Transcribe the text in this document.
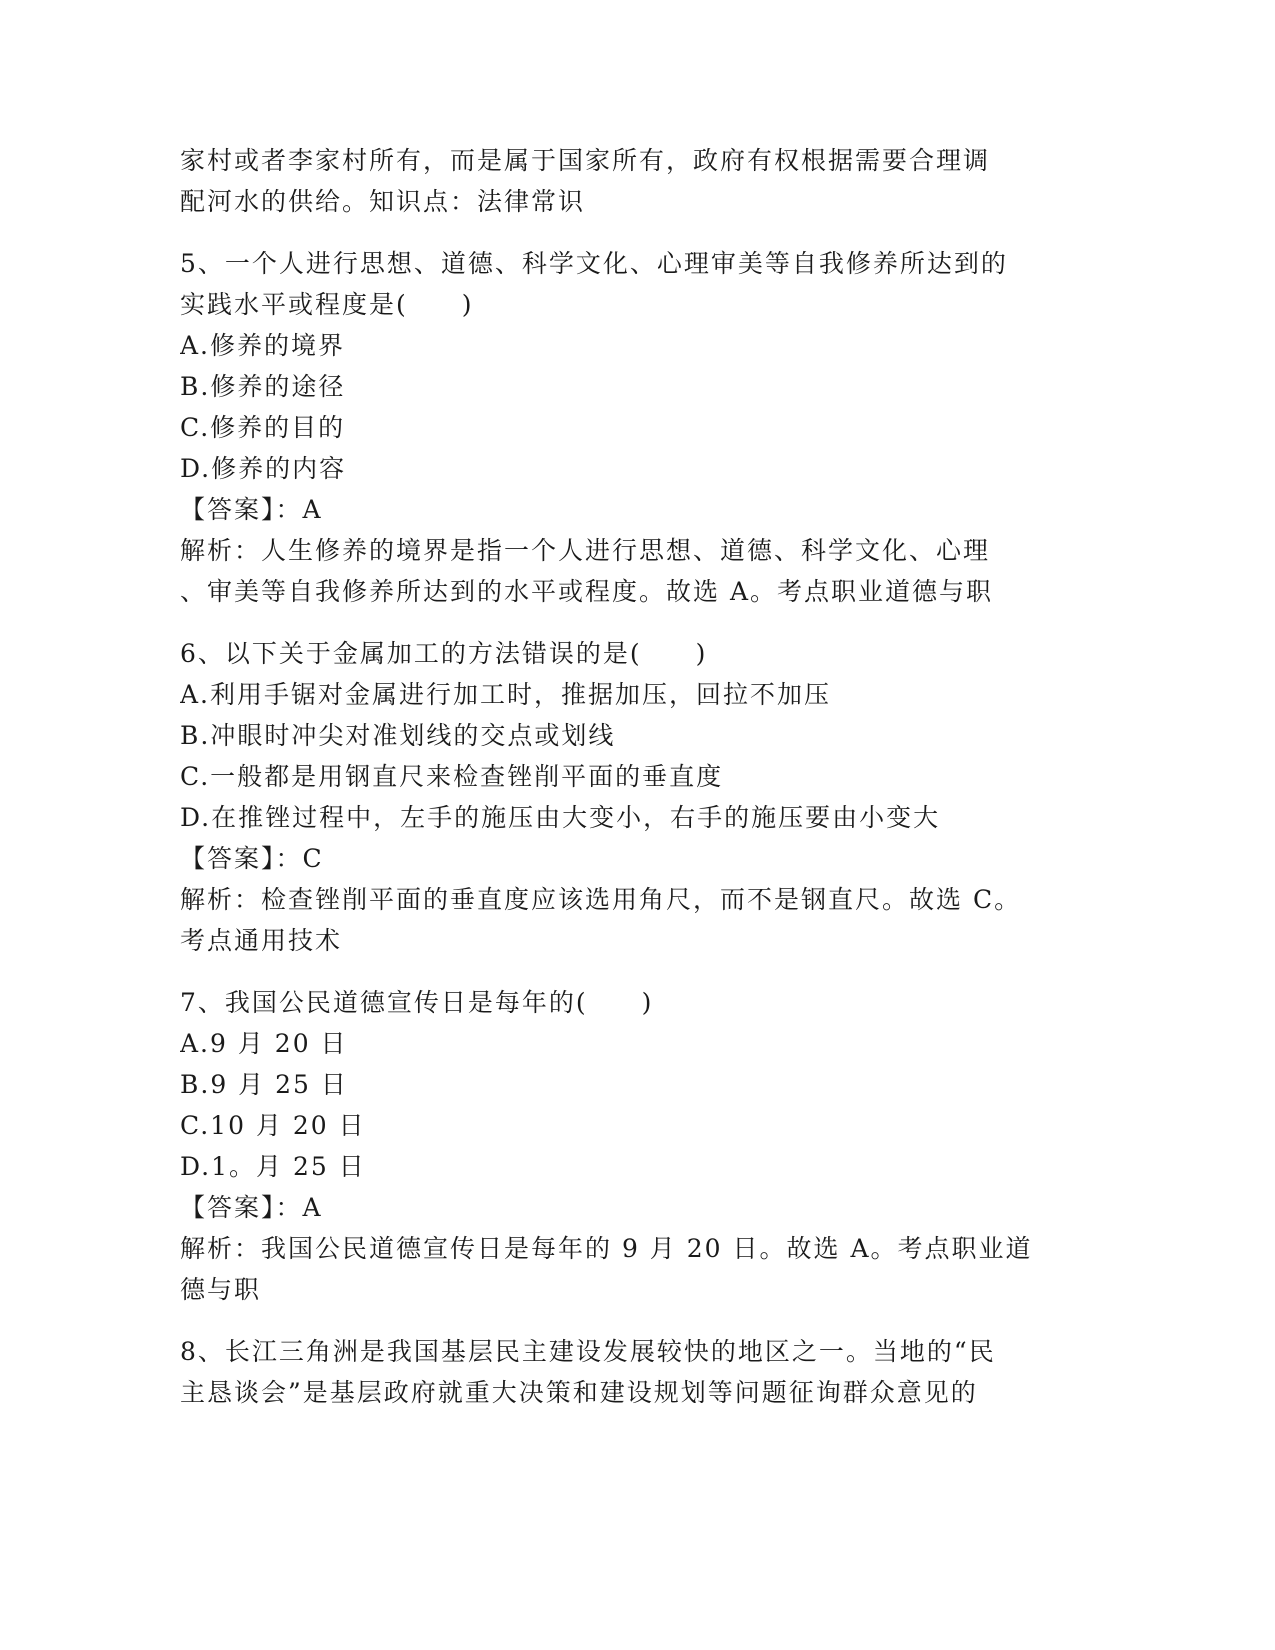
家村或者李家村所有，而是属于国家所有，政府有权根据需要合理调
配河水的供给。知识点：法律常识
5、一个人进行思想、道德、科学文化、心理审美等自我修养所达到的
实践水平或程度是(　　)
A.修养的境界
B.修养的途径
C.修养的目的
D.修养的内容
【答案】：A
解析：人生修养的境界是指一个人进行思想、道德、科学文化、心理
、审美等自我修养所达到的水平或程度。故选 A。考点职业道德与职
6、以下关于金属加工的方法错误的是(　　)
A.利用手锯对金属进行加工时，推据加压，回拉不加压
B.冲眼时冲尖对准划线的交点或划线
C.一般都是用钢直尺来检查锉削平面的垂直度
D.在推锉过程中，左手的施压由大变小，右手的施压要由小变大
【答案】：C
解析：检查锉削平面的垂直度应该选用角尺，而不是钢直尺。故选 C。
考点通用技术
7、我国公民道德宣传日是每年的(　　)
A.9 月 20 日
B.9 月 25 日
C.10 月 20 日
D.1。月 25 日
【答案】：A
解析：我国公民道德宣传日是每年的 9 月 20 日。故选 A。考点职业道
德与职
8、长江三角洲是我国基层民主建设发展较快的地区之一。当地的“民
主恳谈会”是基层政府就重大决策和建设规划等问题征询群众意见的
